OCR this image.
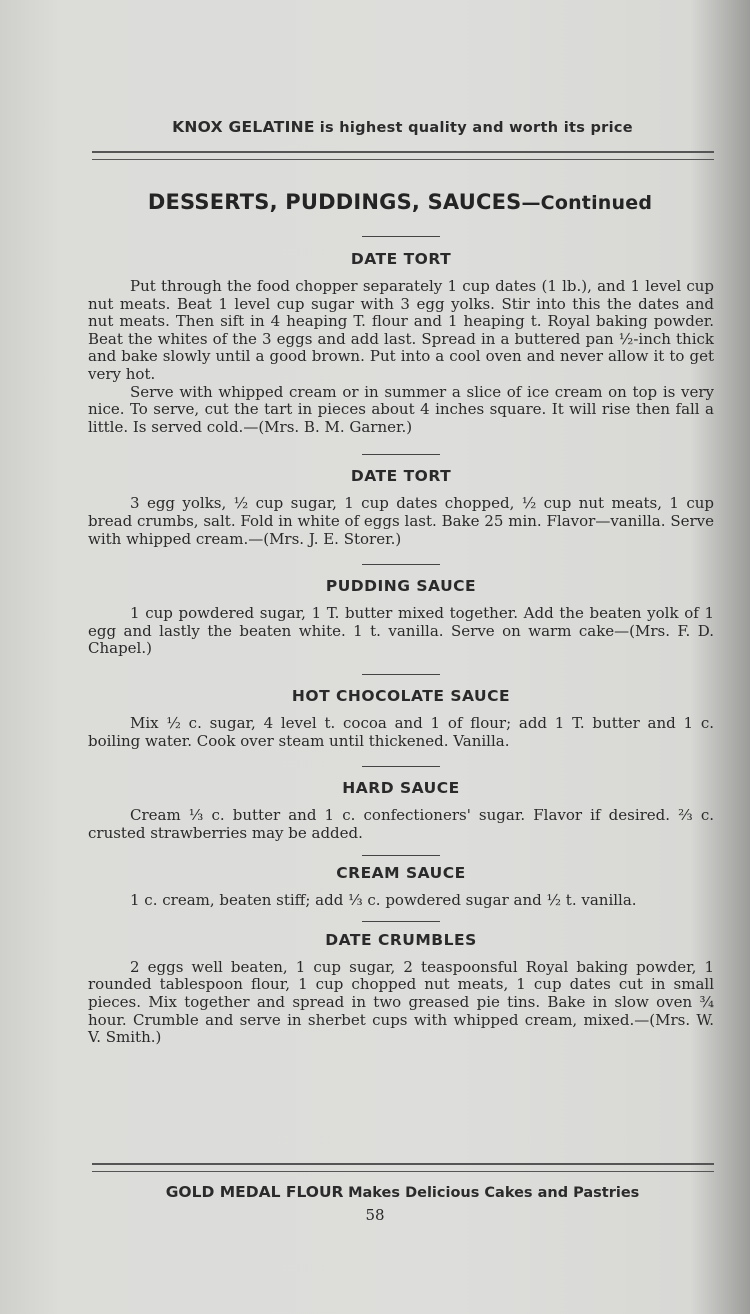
KNOX GELATINE is highest quality and worth its price
DESSERTS, PUDDINGS, SAUCES—Continued
DATE TORT

Put through the food chopper separately 1 cup dates (1 lb.), and 1 level cup nut meats. Beat 1 level cup sugar with 3 egg yolks. Stir into this the dates and nut meats. Then sift in 4 heaping T. flour and 1 heaping t. Royal baking powder. Beat the whites of the 3 eggs and add last. Spread in a buttered pan ½-inch thick and bake slowly until a good brown. Put into a cool oven and never allow it to get very hot.

Serve with whipped cream or in summer a slice of ice cream on top is very nice. To serve, cut the tart in pieces about 4 inches square. It will rise then fall a little. Is served cold.—(Mrs. B. M. Garner.)

DATE TORT

3 egg yolks, ½ cup sugar, 1 cup dates chopped, ½ cup nut meats, 1 cup bread crumbs, salt. Fold in white of eggs last. Bake 25 min. Flavor—vanilla. Serve with whipped cream.—(Mrs. J. E. Storer.)

PUDDING SAUCE

1 cup powdered sugar, 1 T. butter mixed together. Add the beaten yolk of 1 egg and lastly the beaten white. 1 t. vanilla. Serve on warm cake—(Mrs. F. D. Chapel.)

HOT CHOCOLATE SAUCE

Mix ½ c. sugar, 4 level t. cocoa and 1 of flour; add 1 T. butter and 1 c. boiling water. Cook over steam until thickened. Vanilla.

HARD SAUCE

Cream ⅓ c. butter and 1 c. confectioners' sugar. Flavor if desired. ⅔ c. crusted strawberries may be added.

CREAM SAUCE

1 c. cream, beaten stiff; add ⅓ c. powdered sugar and ½ t. vanilla.

DATE CRUMBLES

2 eggs well beaten, 1 cup sugar, 2 teaspoonsful Royal baking powder, 1 rounded tablespoon flour, 1 cup chopped nut meats, 1 cup dates cut in small pieces. Mix together and spread in two greased pie tins. Bake in slow oven ¾ hour. Crumble and serve in sherbet cups with whipped cream, mixed.—(Mrs. W. V. Smith.)

GOLD MEDAL FLOUR Makes Delicious Cakes and Pastries
58
